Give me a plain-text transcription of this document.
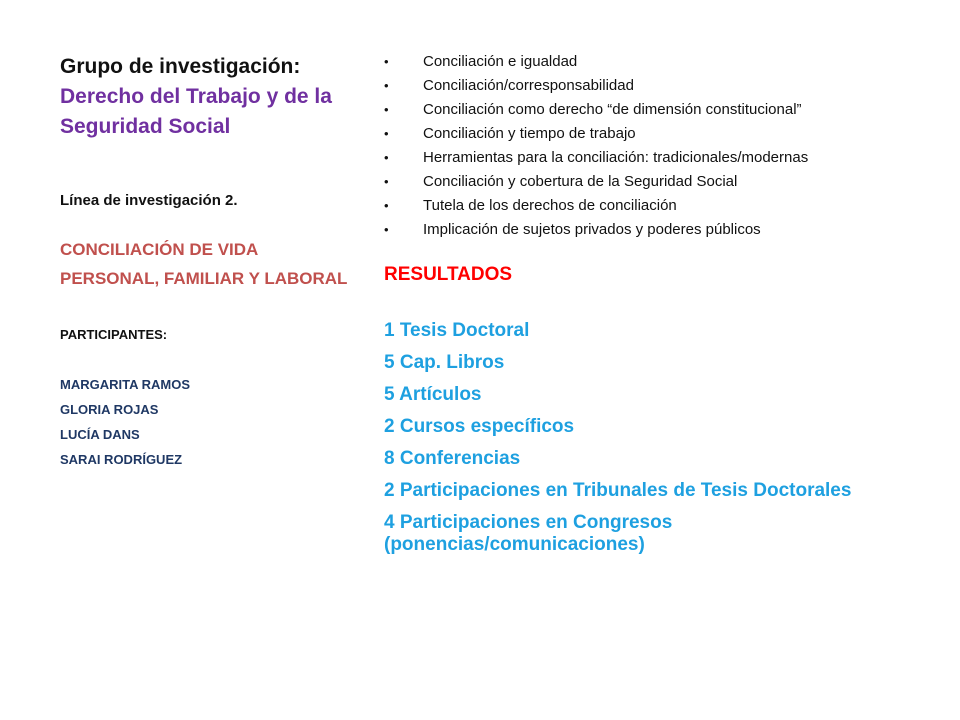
Grupo de investigación:

Derecho del Trabajo y de la Seguridad Social

Línea de investigación 2.
CONCILIACIÓN DE VIDA PERSONAL, FAMILIAR Y LABORAL
PARTICIPANTES:
MARGARITA RAMOS
GLORIA ROJAS
LUCÍA DANS
SARAI RODRÍGUEZ
• Conciliación e igualdad
• Conciliación/corresponsabilidad
• Conciliación como derecho “de dimensión constitucional”
• Conciliación y tiempo de trabajo
• Herramientas para la conciliación: tradicionales/modernas
• Conciliación y cobertura de la Seguridad Social
• Tutela de los derechos de conciliación
• Implicación de sujetos privados y poderes públicos
RESULTADOS
1 Tesis Doctoral
5 Cap. Libros
5 Artículos
2 Cursos específicos
8 Conferencias
2 Participaciones en Tribunales de Tesis Doctorales
4 Participaciones en Congresos (ponencias/comunicaciones)
